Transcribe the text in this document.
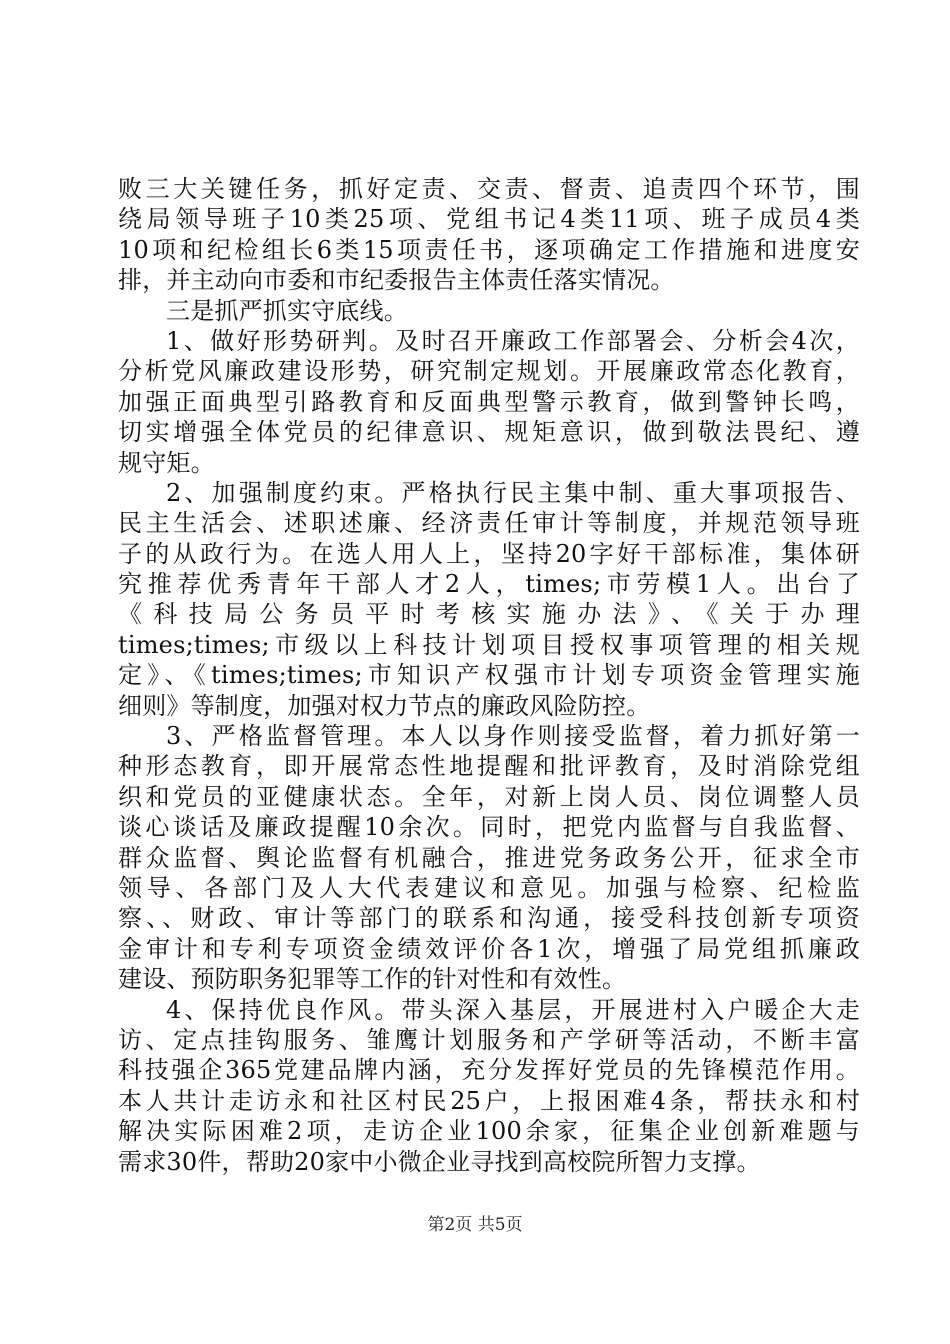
败三大关键任务，抓好定责、交责、督责、追责四个环节，围
绕局领导班子10类25项、党组书记4类11项、班子成员4类
10项和纪检组长6类15项责任书，逐项确定工作措施和进度安
排，并主动向市委和市纪委报告主体责任落实情况。
三是抓严抓实守底线。
1、做好形势研判。及时召开廉政工作部署会、分析会4次，
分析党风廉政建设形势，研究制定规划。开展廉政常态化教育，
加强正面典型引路教育和反面典型警示教育，做到警钟长鸣，
切实增强全体党员的纪律意识、规矩意识，做到敬法畏纪、遵
规守矩。
2、加强制度约束。严格执行民主集中制、重大事项报告、
民主生活会、述职述廉、经济责任审计等制度，并规范领导班
子的从政行为。在选人用人上，坚持20字好干部标准，集体研
究推荐优秀青年干部人才2人，times;市劳模1人。出台了
《科技局公务员平时考核实施办法》、《关于办理
times;times;市级以上科技计划项目授权事项管理的相关规
定》、《times;times;市知识产权强市计划专项资金管理实施
细则》等制度，加强对权力节点的廉政风险防控。
3、严格监督管理。本人以身作则接受监督，着力抓好第一
种形态教育，即开展常态性地提醒和批评教育，及时消除党组
织和党员的亚健康状态。全年，对新上岗人员、岗位调整人员
谈心谈话及廉政提醒10余次。同时，把党内监督与自我监督、
群众监督、舆论监督有机融合，推进党务政务公开，征求全市
领导、各部门及人大代表建议和意见。加强与检察、纪检监
察、、财政、审计等部门的联系和沟通，接受科技创新专项资
金审计和专利专项资金绩效评价各1次，增强了局党组抓廉政
建设、预防职务犯罪等工作的针对性和有效性。
4、保持优良作风。带头深入基层，开展进村入户暖企大走
访、定点挂钩服务、雏鹰计划服务和产学研等活动，不断丰富
科技强企365党建品牌内涵，充分发挥好党员的先锋模范作用。
本人共计走访永和社区村民25户，上报困难4条，帮扶永和村
解决实际困难2项，走访企业100余家，征集企业创新难题与
需求30件，帮助20家中小微企业寻找到高校院所智力支撑。
第2页 共5页
